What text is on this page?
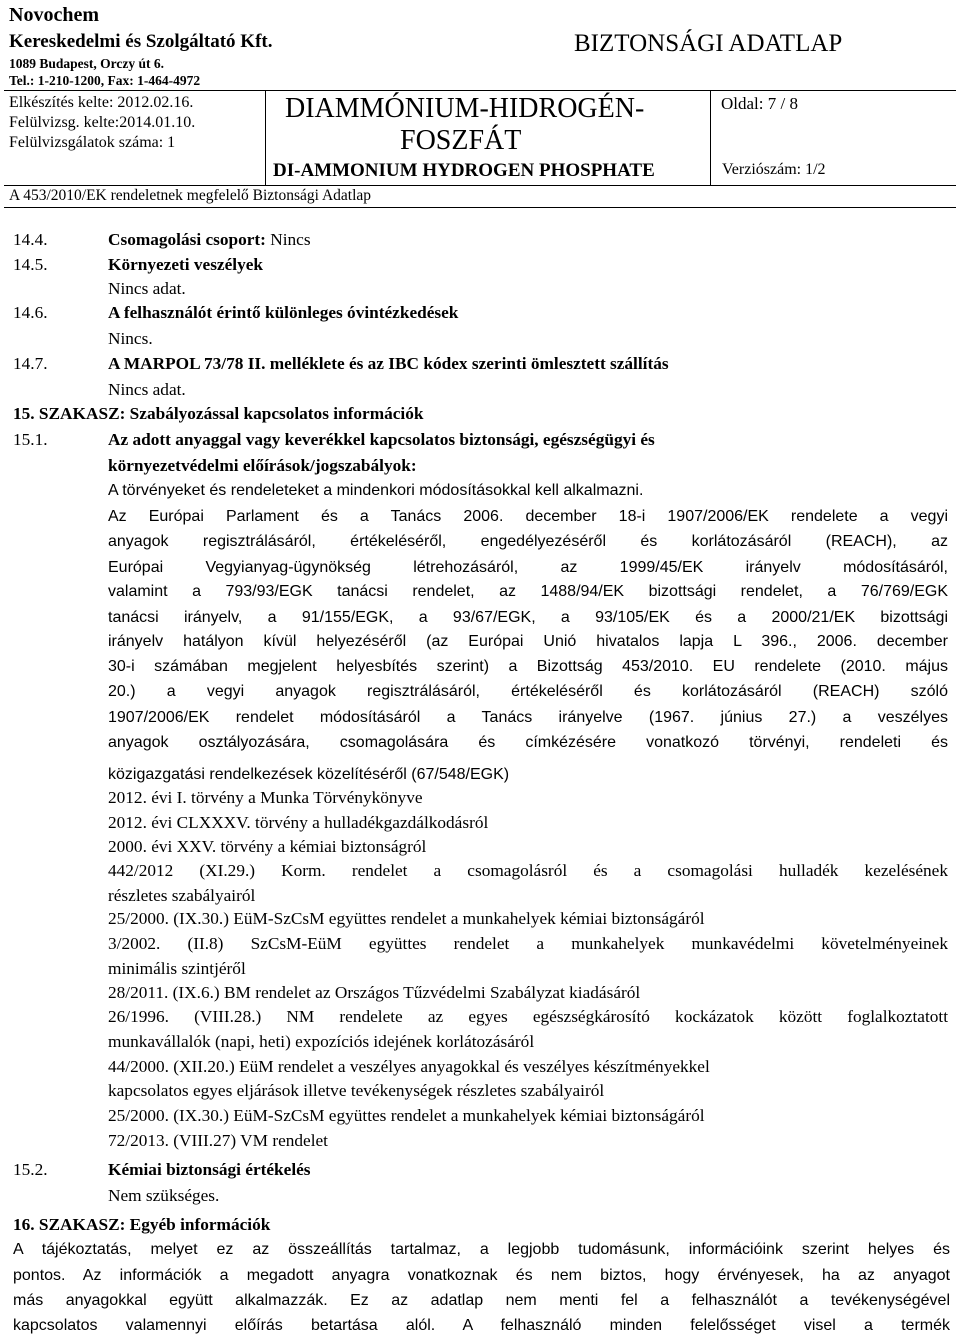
Novochem
Kereskedelmi és Szolgáltató Kft.
1089 Budapest, Orczy út 6.
Tel.: 1-210-1200, Fax: 1-464-4972
BIZTONSÁGI ADATLAP
Elkészítés kelte: 2012.02.16.
Felülvizsg. kelte:2014.01.10.
Felülvizsgálatok száma: 1
DIAMMÓNIUM-HIDROGÉN-
FOSZFÁT
DI-AMMONIUM HYDROGEN PHOSPHATE
Oldal: 7 / 8
Verziószám: 1/2
A 453/2010/EK rendeletnek megfelelő Biztonsági Adatlap
14.4.	Csomagolási csoport: Nincs
14.5.	Környezeti veszélyek
Nincs adat.
14.6.	A felhasználót érintő különleges óvintézkedések
Nincs.
14.7.	A MARPOL 73/78 II. melléklete és az IBC kódex szerinti ömlesztett szállítás
Nincs adat.
15. SZAKASZ: Szabályozással kapcsolatos információk
15.1.	Az adott anyaggal vagy keverékkel kapcsolatos biztonsági, egészségügyi és
környezetvédelmi előírások/jogszabályok:
A törvényeket és rendeleteket a mindenkori módosításokkal kell alkalmazni.
Az Európai Parlament és a Tanács 2006. december 18-i 1907/2006/EK rendelete a vegyi
anyagok regisztrálásáról, értékeléséről, engedélyezéséről és korlátozásáról (REACH), az
Európai Vegyianyag-ügynökség létrehozásáról, az 1999/45/EK irányelv módosításáról,
valamint a 793/93/EGK tanácsi rendelet, az 1488/94/EK bizottsági rendelet, a 76/769/EGK
tanácsi irányelv, a 91/155/EGK, a 93/67/EGK, a 93/105/EK és a 2000/21/EK bizottsági
irányelv hatályon kívül helyezéséről (az Európai Unió hivatalos lapja L 396., 2006. december
30-i számában megjelent helyesbítés szerint) a Bizottság 453/2010. EU rendelete (2010. május
20.) a vegyi anyagok regisztrálásáról, értékeléséről és korlátozásáról (REACH) szóló
1907/2006/EK rendelet módosításáról a Tanács irányelve (1967. június 27.) a veszélyes
anyagok osztályozására, csomagolására és címkézésére vonatkozó törvényi, rendeleti és
közigazgatási rendelkezések közelítéséről (67/548/EGK)
2012. évi I. törvény a Munka Törvénykönyve
2012. évi CLXXXV. törvény a hulladékgazdálkodásról
2000. évi XXV. törvény a kémiai biztonságról
442/2012 (XI.29.) Korm. rendelet a csomagolásról és a csomagolási hulladék kezelésének
részletes szabályairól
25/2000. (IX.30.) EüM-SzCsM együttes rendelet a munkahelyek kémiai biztonságáról
3/2002. (II.8) SzCsM-EüM együttes rendelet a munkahelyek munkavédelmi követelményeinek
minimális szintjéről
28/2011. (IX.6.) BM rendelet az Országos Tűzvédelmi Szabályzat kiadásáról
26/1996. (VIII.28.) NM rendelete az egyes egészségkárosító kockázatok között foglalkoztatott
munkavállalók (napi, heti) expozíciós idejének korlátozásáról
44/2000. (XII.20.) EüM rendelet a veszélyes anyagokkal és veszélyes készítményekkel
kapcsolatos egyes eljárások illetve tevékenységek részletes szabályairól
25/2000. (IX.30.) EüM-SzCsM együttes rendelet a munkahelyek kémiai biztonságáról
72/2013. (VIII.27) VM rendelet
15.2.	Kémiai biztonsági értékelés
Nem szükséges.
16. SZAKASZ: Egyéb információk
A tájékoztatás, melyet ez az összeállítás tartalmaz, a legjobb tudomásunk, információink szerint helyes és
pontos. Az információk a megadott anyagra vonatkoznak és nem biztos, hogy érvényesek, ha az anyagot
más anyagokkal együtt alkalmazzák. Ez az adatlap nem menti fel a felhasználót a tevékenységével
kapcsolatos valamennyi előírás betartása alól. A felhasználó minden felelősséget visel a termék
